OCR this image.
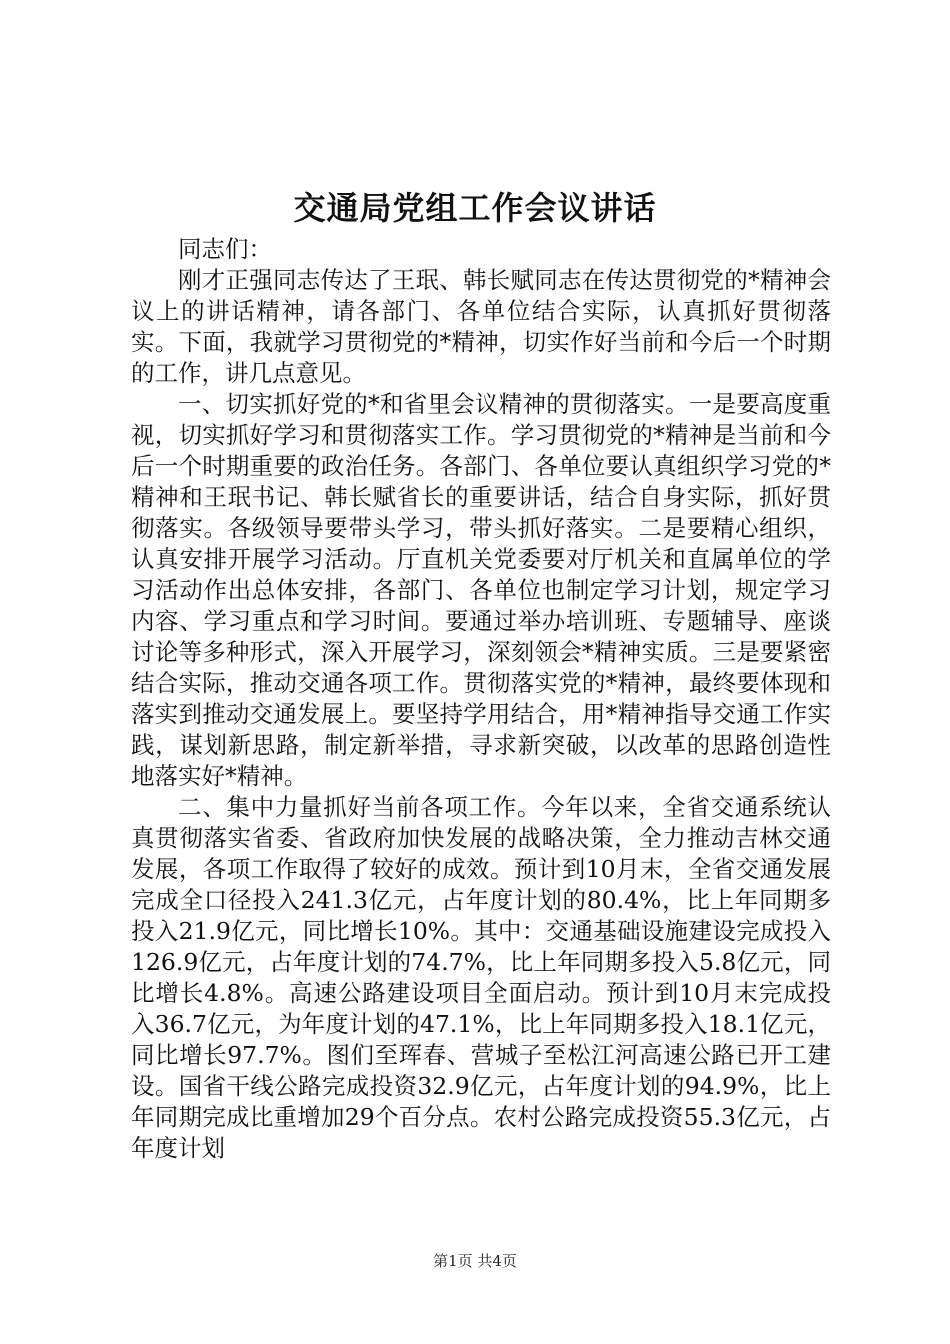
交通局党组工作会议讲话

同志们：

刚才正强同志传达了王珉、韩长赋同志在传达贯彻党的*精神会议上的讲话精神，请各部门、各单位结合实际，认真抓好贯彻落实。下面，我就学习贯彻党的*精神，切实作好当前和今后一个时期的工作，讲几点意见。

一、切实抓好党的*和省里会议精神的贯彻落实。一是要高度重视，切实抓好学习和贯彻落实工作。学习贯彻党的*精神是当前和今后一个时期重要的政治任务。各部门、各单位要认真组织学习党的*精神和王珉书记、韩长赋省长的重要讲话，结合自身实际，抓好贯彻落实。各级领导要带头学习，带头抓好落实。二是要精心组织，认真安排开展学习活动。厅直机关党委要对厅机关和直属单位的学习活动作出总体安排，各部门、各单位也制定学习计划，规定学习内容、学习重点和学习时间。要通过举办培训班、专题辅导、座谈讨论等多种形式，深入开展学习，深刻领会*精神实质。三是要紧密结合实际，推动交通各项工作。贯彻落实党的*精神，最终要体现和落实到推动交通发展上。要坚持学用结合，用*精神指导交通工作实践，谋划新思路，制定新举措，寻求新突破，以改革的思路创造性地落实好*精神。

二、集中力量抓好当前各项工作。今年以来，全省交通系统认真贯彻落实省委、省政府加快发展的战略决策，全力推动吉林交通发展，各项工作取得了较好的成效。预计到10月末，全省交通发展完成全口径投入241.3亿元，占年度计划的80.4%，比上年同期多投入21.9亿元，同比增长10%。其中：交通基础设施建设完成投入126.9亿元，占年度计划的74.7%，比上年同期多投入5.8亿元，同比增长4.8%。高速公路建设项目全面启动。预计到10月末完成投入36.7亿元，为年度计划的47.1%，比上年同期多投入18.1亿元，同比增长97.7%。图们至珲春、营城子至松江河高速公路已开工建设。国省干线公路完成投资32.9亿元，占年度计划的94.9%，比上年同期完成比重增加29个百分点。农村公路完成投资55.3亿元，占年度计划

第1页 共4页
